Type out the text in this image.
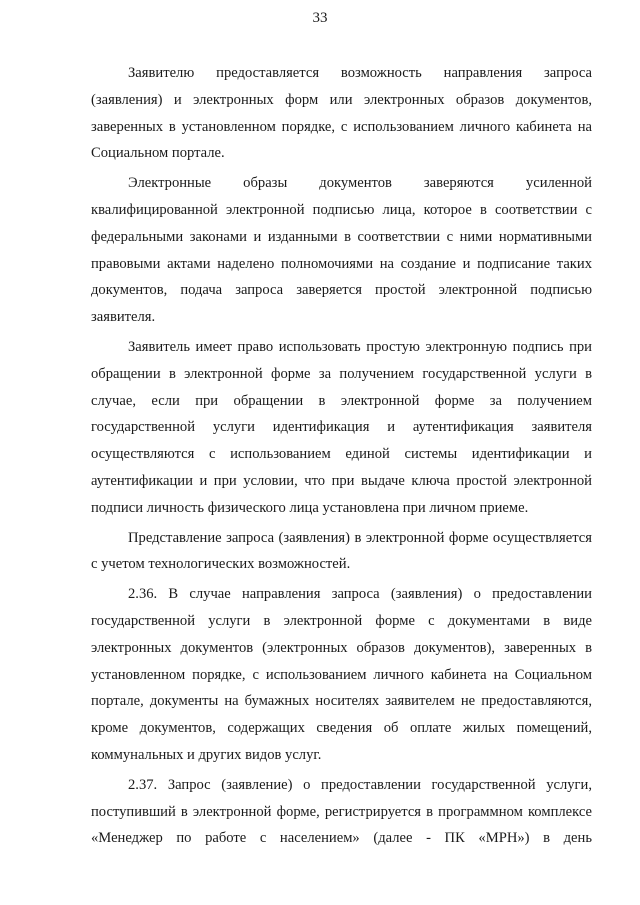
33

Заявителю предоставляется возможность направления запроса (заявления) и электронных форм или электронных образов документов, заверенных в установленном порядке, с использованием личного кабинета на Социальном портале.

Электронные образы документов заверяются усиленной квалифицированной электронной подписью лица, которое в соответствии с федеральными законами и изданными в соответствии с ними нормативными правовыми актами наделено полномочиями на создание и подписание таких документов, подача запроса заверяется простой электронной подписью заявителя.

Заявитель имеет право использовать простую электронную подпись при обращении в электронной форме за получением государственной услуги в случае, если при обращении в электронной форме за получением государственной услуги идентификация и аутентификация заявителя осуществляются с использованием единой системы идентификации и аутентификации и при условии, что при выдаче ключа простой электронной подписи личность физического лица установлена при личном приеме.

Представление запроса (заявления) в электронной форме осуществляется с учетом технологических возможностей.

2.36. В случае направления запроса (заявления) о предоставлении государственной услуги в электронной форме с документами в виде электронных документов (электронных образов документов), заверенных в установленном порядке, с использованием личного кабинета на Социальном портале, документы на бумажных носителях заявителем не предоставляются, кроме документов, содержащих сведения об оплате жилых помещений, коммунальных и других видов услуг.

2.37. Запрос (заявление) о предоставлении государственной услуги, поступивший в электронной форме, регистрируется в программном комплексе «Менеджер по работе с населением» (далее - ПК «МРН») в день
